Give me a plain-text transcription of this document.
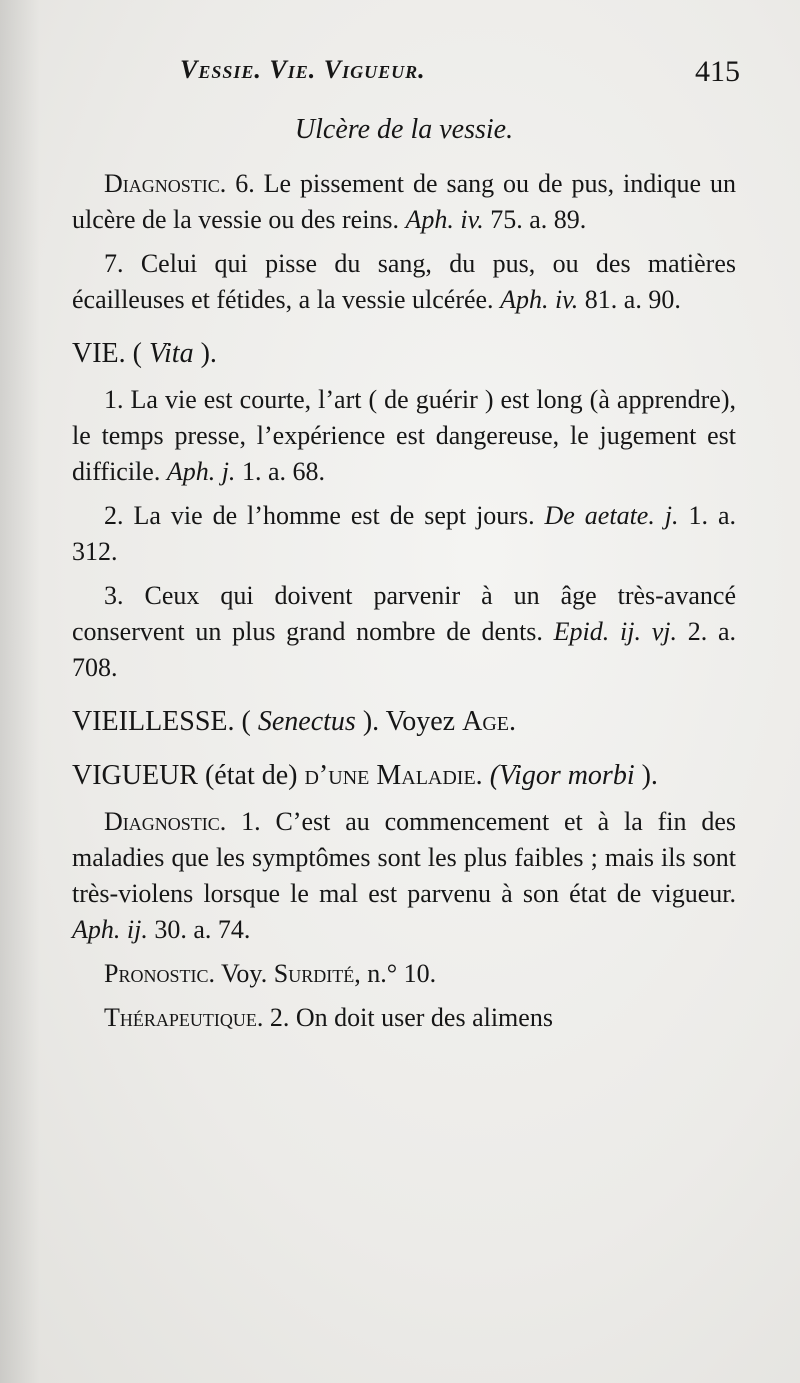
Vessie. Vie. Vigueur.	415
Ulcère de la vessie.

Diagnostic. 6. Le pissement de sang ou de pus, indique un ulcère de la vessie ou des reins. Aph. iv. 75. a. 89.

7. Celui qui pisse du sang, du pus, ou des matières écailleuses et fétides, a la vessie ulcérée. Aph. iv. 81. a. 90.

VIE. ( Vita ).

1. La vie est courte, l’art ( de guérir ) est long (à apprendre), le temps presse, l’expérience est dangereuse, le jugement est difficile. Aph. j. 1. a. 68.

2. La vie de l’homme est de sept jours. De aetate. j. 1. a. 312.

3. Ceux qui doivent parvenir à un âge très-avancé conservent un plus grand nombre de dents. Epid. ij. vj. 2. a. 708.

VIEILLESSE. ( Senectus ). Voyez Age.

VIGUEUR (état de) d’une Maladie. (Vigor morbi ).

Diagnostic. 1. C’est au commencement et à la fin des maladies que les symptômes sont les plus faibles ; mais ils sont très-violens lorsque le mal est parvenu à son état de vigueur. Aph. ij. 30. a. 74.

Pronostic. Voy. Surdité, n.° 10.

Thérapeutique. 2. On doit user des alimens
